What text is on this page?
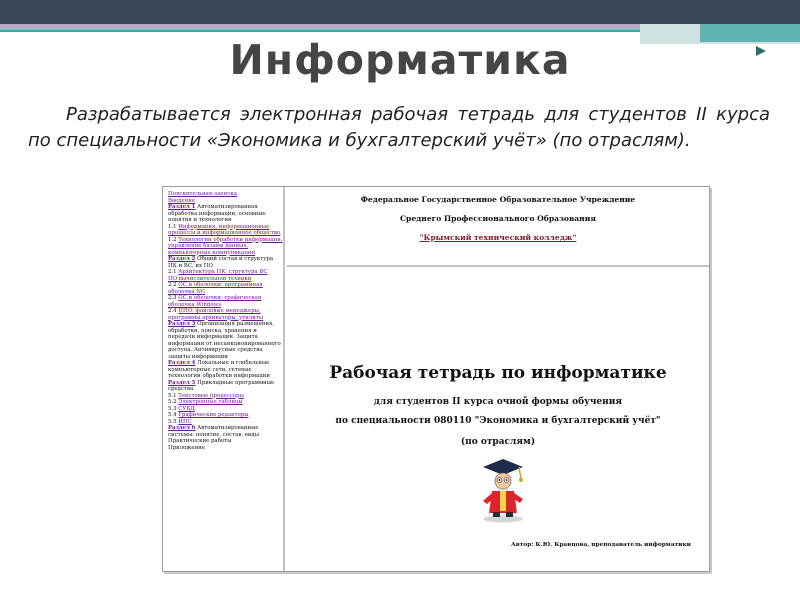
Информатика
Разрабатывается электронная рабочая тетрадь для студентов II курса по специальности «Экономика и бухгалтерский учёт» (по отраслям).
Пояснительная записка
Введение
Раздел 1 Автоматизированная обработка информации, основные понятия и технологии
1.1 Информация, информационные процессы и информационное общество
1.2 Технологии обработки информации, управление базами данных, компьютерные коммуникации
Раздел 2 Общий состав и структура ПК и ВС, их ПО
2.1 Архитектура ПК, структура ВС
ПО вычислительной техники
2.2 ОС и оболочки: программная оболочка NC
2.3 ОС и оболочки: графическая оболочка Windows
2.4 ППО: файловые менеджеры, программы архиваторы, утилиты
Раздел 3 Организация размещения, обработки, поиска, хранения и передачи информации. Защита информации от несанкционированного доступа. Антивирусные средства защиты информации
Раздел 4 Локальные и глобальные компьютерные сети, сетевые технологии обработки информации
Раздел 5 Прикладные программные средства
5.1 Текстовые процессоры
5.2 Электронные таблицы
5.3 СУБД
5.4 Графические редакторы
5.5 ИПС
Раздел 6 Автоматизированные системы: понятие, состав, виды
Практические работы
Приложение
Федеральное Государственное Образовательное Учреждение
Среднего Профессионального Образования
"Крымский технический колледж"
Рабочая тетрадь по информатике
для студентов II курса очной формы обучения
по специальности 080110 "Экономика и бухгалтерский учёт"
(по отраслям)
Автор: К.Ю. Кравцова, преподаватель информатики
